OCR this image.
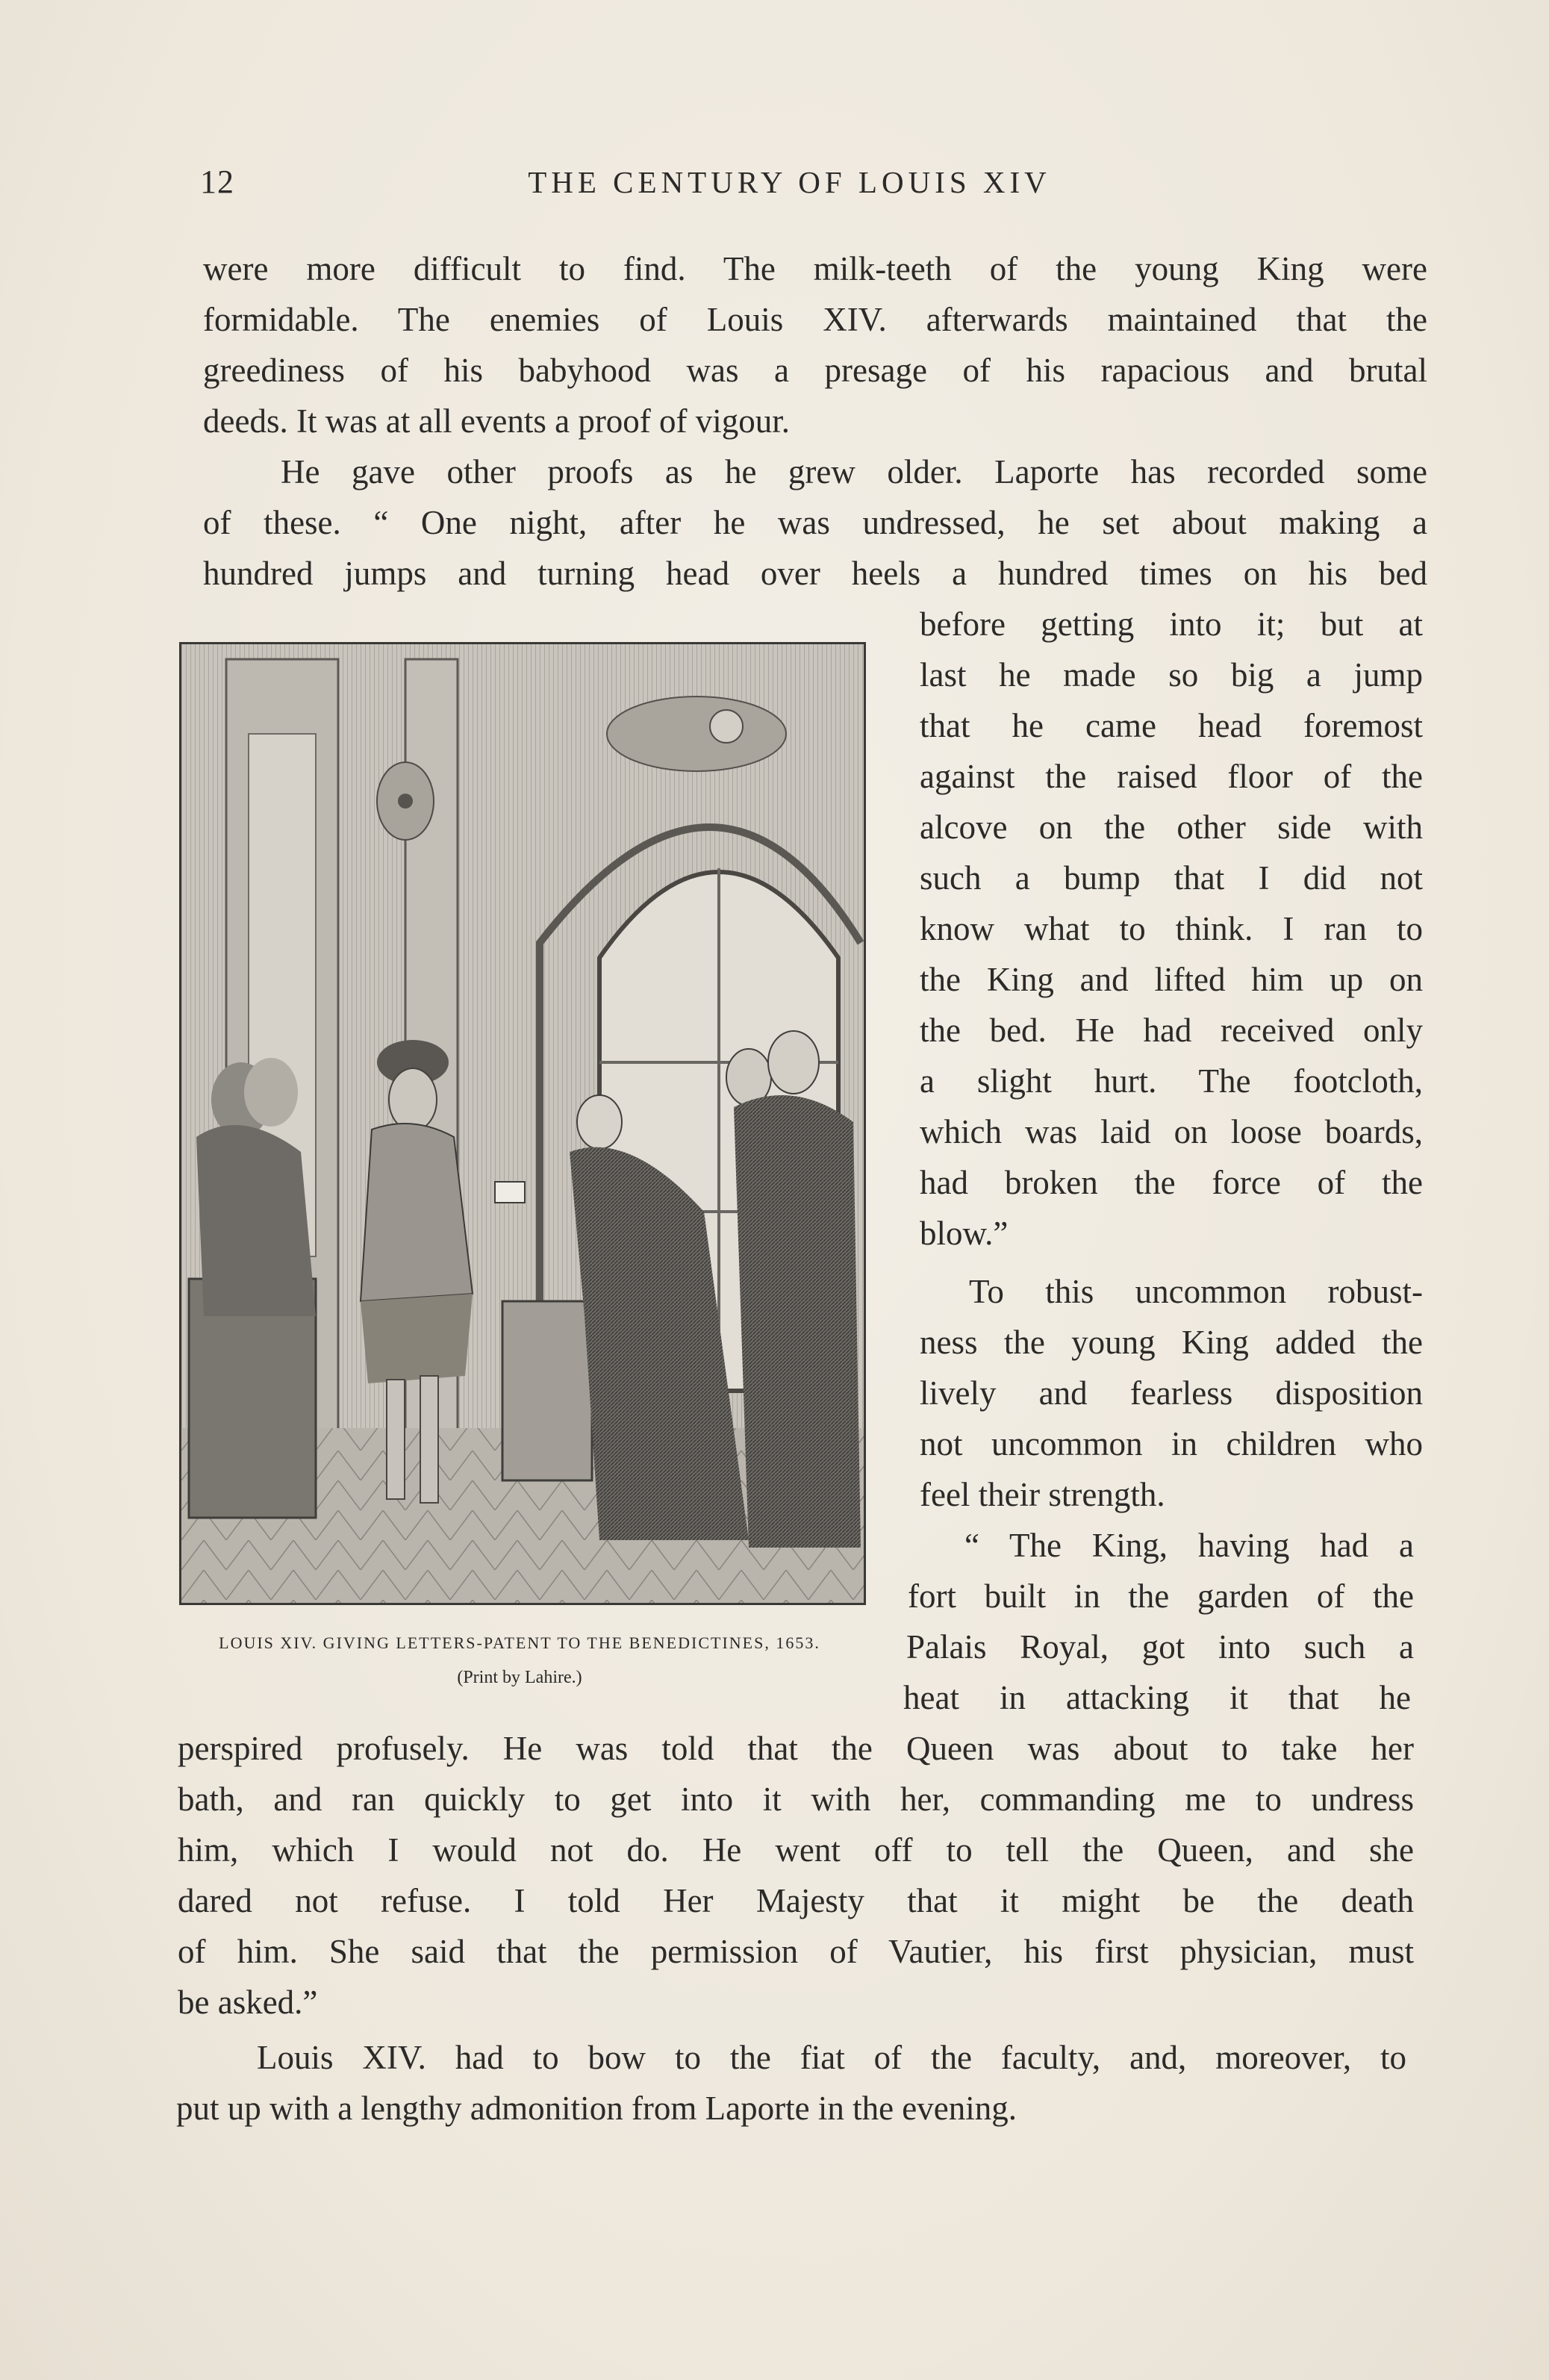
12	THE CENTURY OF LOUIS XIV
were more difficult to find. The milk-teeth of the young King were
formidable. The enemies of Louis XIV. afterwards maintained that the
greediness of his babyhood was a presage of his rapacious and brutal
deeds. It was at all events a proof of vigour.
He gave other proofs as he grew older. Laporte has recorded some
of these. “ One night, after he was undressed, he set about making a
hundred jumps and turning head over heels a hundred times on his bed
before getting into it; but at
last he made so big a jump
that he came head foremost
against the raised floor of the
alcove on the other side with
such a bump that I did not
know what to think. I ran to
the King and lifted him up on
the bed. He had received only
a slight hurt. The footcloth,
which was laid on loose boards,
had broken the force of the
blow.”
To this uncommon robust-
ness the young King added the
lively and fearless disposition
not uncommon in children who
feel their strength.
“ The King, having had a
fort built in the garden of the
Palais Royal, got into such a
heat in attacking it that he
perspired profusely. He was told that the Queen was about to take her
bath, and ran quickly to get into it with her, commanding me to undress
him, which I would not do. He went off to tell the Queen, and she
dared not refuse. I told Her Majesty that it might be the death
of him. She said that the permission of Vautier, his first physician, must
be asked.”
Louis XIV. had to bow to the fiat of the faculty, and, moreover, to
put up with a lengthy admonition from Laporte in the evening.
LOUIS XIV. GIVING LETTERS-PATENT TO THE BENEDICTINES, 1653.
(Print by Lahire.)
